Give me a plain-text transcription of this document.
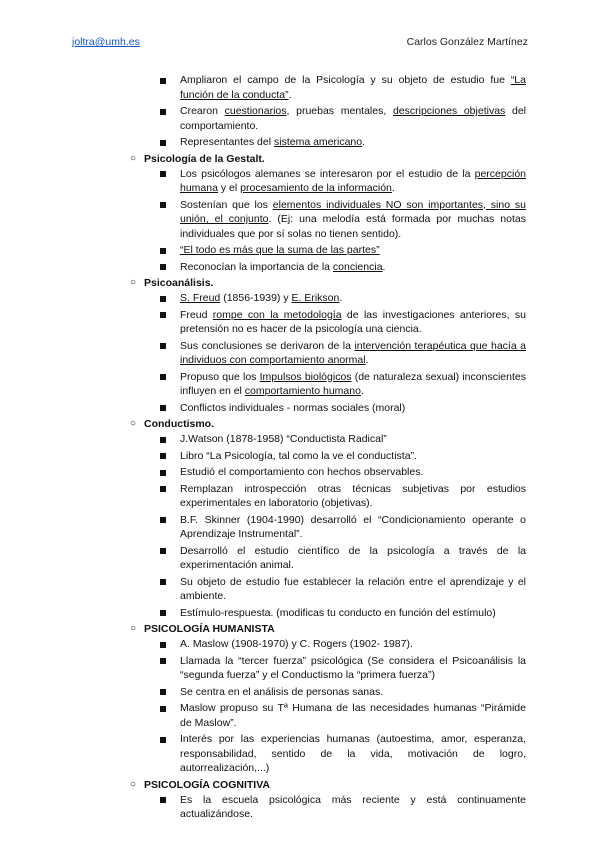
joltra@umh.es	Carlos González Martínez
Ampliaron el campo de la Psicología y su objeto de estudio fue “La función de la conducta”.
Crearon cuestionarios, pruebas mentales, descripciones objetivas del comportamiento.
Representantes del sistema americano.
○ Psicología de la Gestalt.
Los psicólogos alemanes se interesaron por el estudio de la percepción humana y el procesamiento de la información.
Sostenían que los elementos individuales NO son importantes, sino su unión, el conjunto. (Ej: una melodía está formada por muchas notas individuales que por sí solas no tienen sentido).
“El todo es más que la suma de las partes”
Reconocían la importancia de la conciencia.
○ Psicoanálisis.
S. Freud (1856-1939) y E. Erikson.
Freud rompe con la metodología de las investigaciones anteriores, su pretensión no es hacer de la psicología una ciencia.
Sus conclusiones se derivaron de la intervención terapéutica que hacía a individuos con comportamiento anormal.
Propuso que los Impulsos biológicos (de naturaleza sexual) inconscientes influyen en el comportamiento humano.
Conflictos individuales - normas sociales (moral)
○ Conductismo.
J.Watson (1878-1958) “Conductista Radical”
Libro “La Psicología, tal como la ve el conductista”.
Estudió el comportamiento con hechos observables.
Remplazan introspección otras técnicas subjetivas por estudios experimentales en laboratorio (objetivas).
B.F. Skinner (1904-1990) desarrolló el “Condicionamiento operante o Aprendizaje Instrumental”.
Desarrolló el estudio científico de la psicología a través de la experimentación animal.
Su objeto de estudio fue establecer la relación entre el aprendizaje y el ambiente.
Estímulo-respuesta. (modificas tu conducto en función del estímulo)
○ PSICOLOGÍA HUMANISTA
A. Maslow (1908-1970) y C. Rogers (1902- 1987).
Llamada la “tercer fuerza” psicológica (Se considera el Psicoanálisis la “segunda fuerza” y el Conductismo la “primera fuerza”)
Se centra en el análisis de personas sanas.
Maslow propuso su Tª Humana de las necesidades humanas “Pirámide de Maslow”.
Interés por las experiencias humanas (autoestima, amor, esperanza, responsabilidad, sentido de la vida, motivación de logro, autorrealización,...)
○ PSICOLOGÍA COGNITIVA
Es la escuela psicológica más reciente y está continuamente actualizándose.
